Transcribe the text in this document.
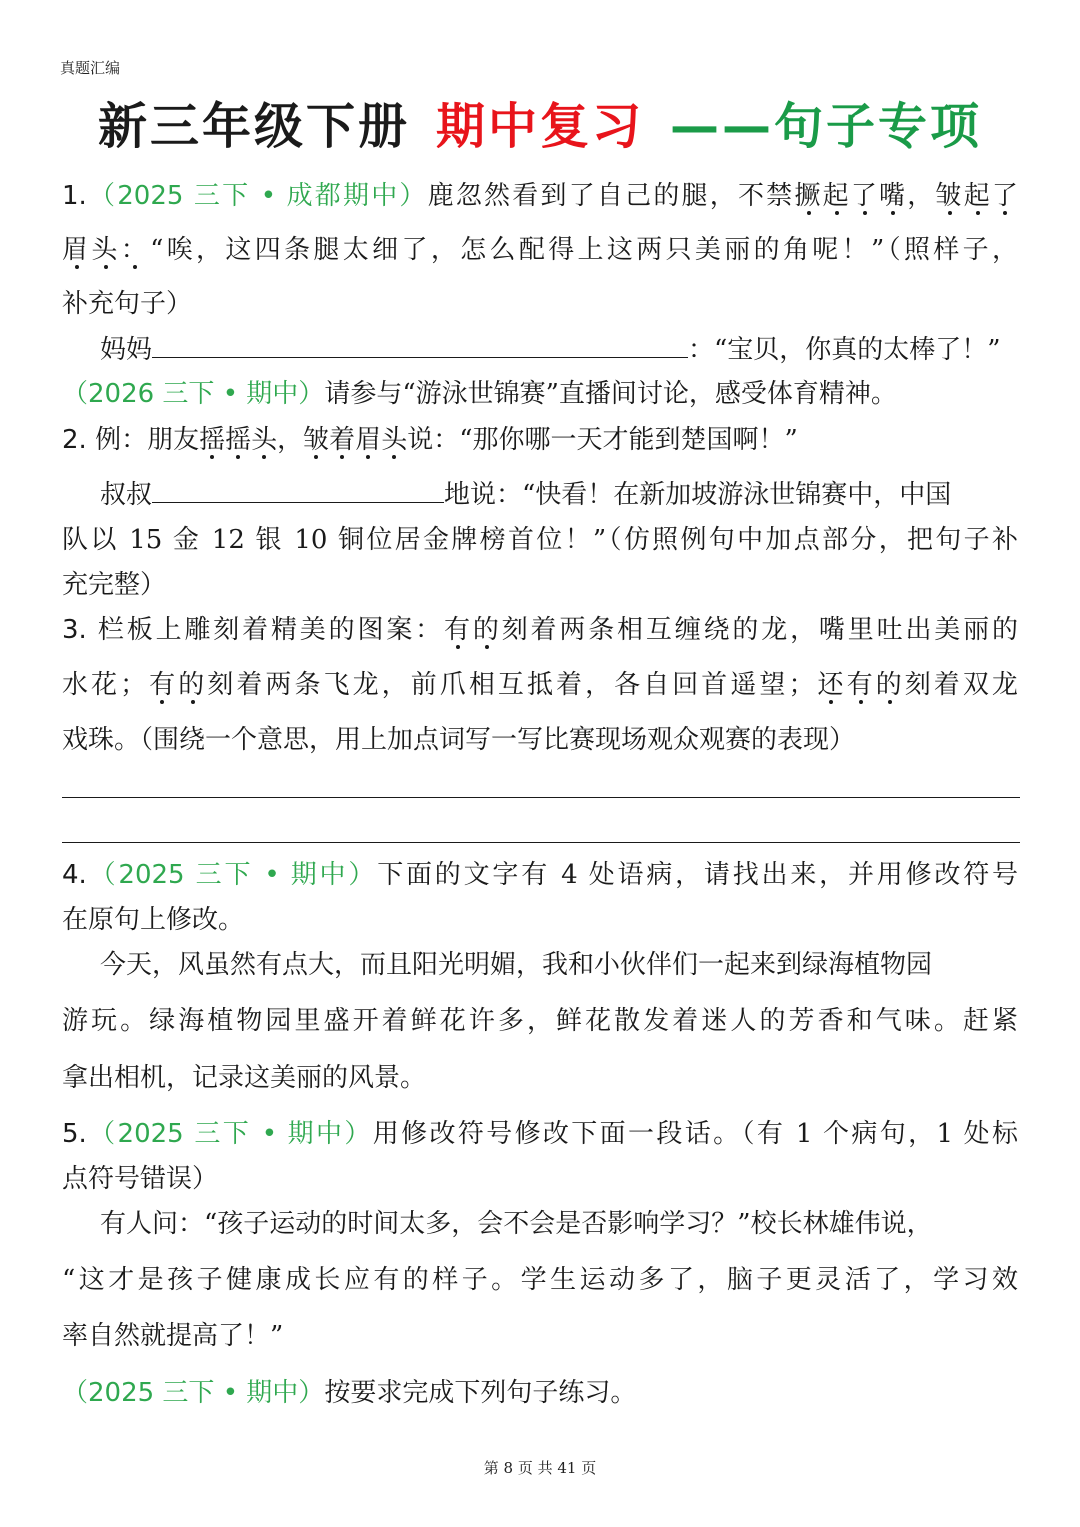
真题汇编
新三年级下册 期中复习 ——句子专项
1.（2025 三下 • 成都期中）鹿忽然看到了自己的腿，不禁撅起了嘴，皱起了
眉头：“唉，这四条腿太细了，怎么配得上这两只美丽的角呢！”（照样子，
补充句子）
妈妈	：“宝贝，你真的太棒了！”
（2026 三下 • 期中）请参与“游泳世锦赛”直播间讨论，感受体育精神。
2. 例：朋友摇摇头，皱着眉头说：“那你哪一天才能到楚国啊！”
叔叔	地说：“快看！在新加坡游泳世锦赛中，中国
队以 15 金 12 银 10 铜位居金牌榜首位！”（仿照例句中加点部分，把句子补
充完整）
3. 栏板上雕刻着精美的图案：有的刻着两条相互缠绕的龙，嘴里吐出美丽的
水花；有的刻着两条飞龙，前爪相互抵着，各自回首遥望；还有的刻着双龙
戏珠。（围绕一个意思，用上加点词写一写比赛现场观众观赛的表现）
4.（2025 三下 • 期中）下面的文字有 4 处语病，请找出来，并用修改符号
在原句上修改。
今天，风虽然有点大，而且阳光明媚，我和小伙伴们一起来到绿海植物园
游玩。绿海植物园里盛开着鲜花许多，鲜花散发着迷人的芳香和气味。赶紧
拿出相机，记录这美丽的风景。
5.（2025 三下 • 期中）用修改符号修改下面一段话。（有 1 个病句，1 处标
点符号错误）
有人问：“孩子运动的时间太多，会不会是否影响学习？”校长林雄伟说，
“这才是孩子健康成长应有的样子。学生运动多了，脑子更灵活了，学习效
率自然就提高了！”
（2025 三下 • 期中）按要求完成下列句子练习。
第 8 页 共 41 页
